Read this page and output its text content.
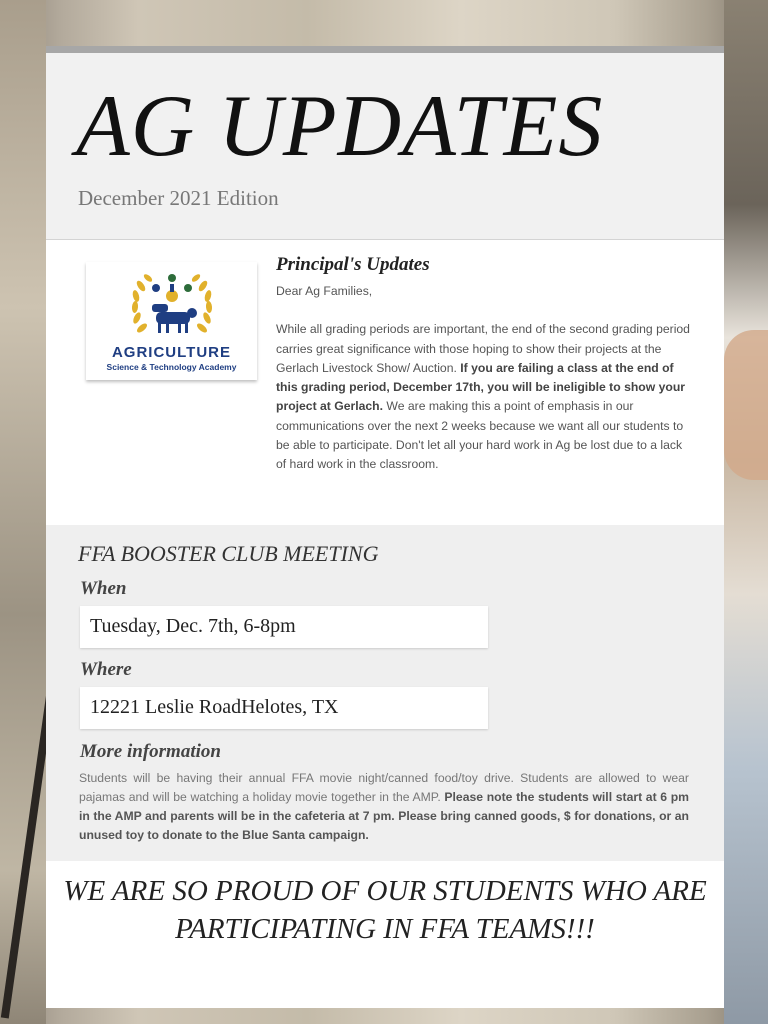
AG UPDATES
December 2021 Edition
AGRICULTURE
Science & Technology Academy
Principal's Updates

Dear Ag Families,

While all grading periods are important, the end of the second grading period carries great significance with those hoping to show their projects at the Gerlach Livestock Show/ Auction. If you are failing a class at the end of this grading period, December 17th, you will be ineligible to show your project at Gerlach. We are making this a point of emphasis in our communications over the next 2 weeks because we want all our students to be able to participate. Don't let all your hard work in Ag be lost due to a lack of hard work in the classroom.

FFA BOOSTER CLUB MEETING
When
Tuesday, Dec. 7th, 6-8pm
Where
12221 Leslie RoadHelotes, TX
More information

Students will be having their annual FFA movie night/canned food/toy drive. Students are allowed to wear pajamas and will be watching a holiday movie together in the AMP. Please note the students will start at 6 pm in the AMP and parents will be in the cafeteria at 7 pm. Please bring canned goods, $ for donations, or an unused toy to donate to the Blue Santa campaign.

WE ARE SO PROUD OF OUR STUDENTS WHO ARE PARTICIPATING IN FFA TEAMS!!!
